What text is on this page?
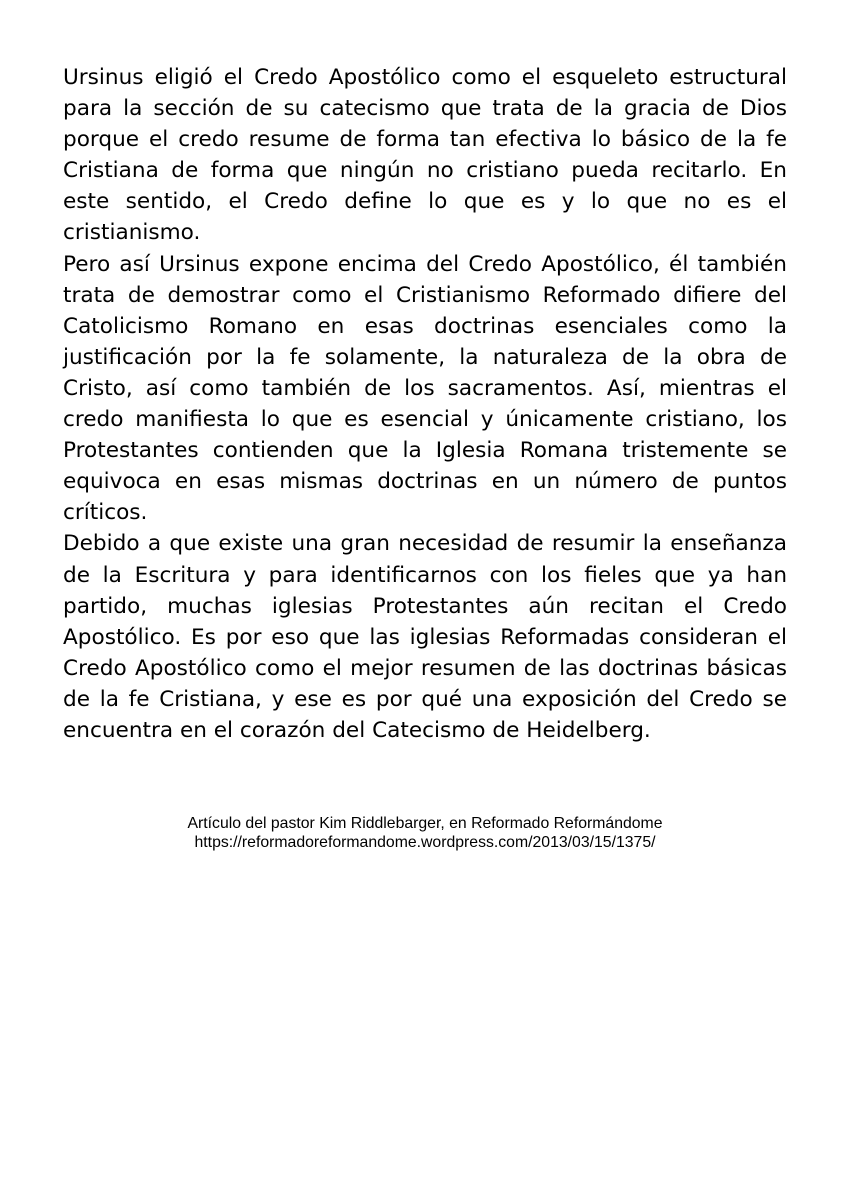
Ursinus eligió el Credo Apostólico como el esqueleto estructural para la sección de su catecismo que trata de la gracia de Dios porque el credo resume de forma tan efectiva lo básico de la fe Cristiana de forma que ningún no cristiano pueda recitarlo. En este sentido, el Credo define lo que es y lo que no es el cristianismo.

Pero así Ursinus expone encima del Credo Apostólico, él también trata de demostrar como el Cristianismo Reformado difiere del Catolicismo Romano en esas doctrinas esenciales como la justificación por la fe solamente, la naturaleza de la obra de Cristo, así como también de los sacramentos. Así, mientras el credo manifiesta lo que es esencial y únicamente cristiano, los Protestantes contienden que la Iglesia Romana tristemente se equivoca en esas mismas doctrinas en un número de puntos críticos.

Debido a que existe una gran necesidad de resumir la enseñanza de la Escritura y para identificarnos con los fieles que ya han partido, muchas iglesias Protestantes aún recitan el Credo Apostólico. Es por eso que las iglesias Reformadas consideran el Credo Apostólico como el mejor resumen de las doctrinas básicas de la fe Cristiana, y ese es por qué una exposición del Credo se encuentra en el corazón del Catecismo de Heidelberg.

Artículo del pastor Kim Riddlebarger, en Reformado Reformándome
https://reformadoreformandome.wordpress.com/2013/03/15/1375/
